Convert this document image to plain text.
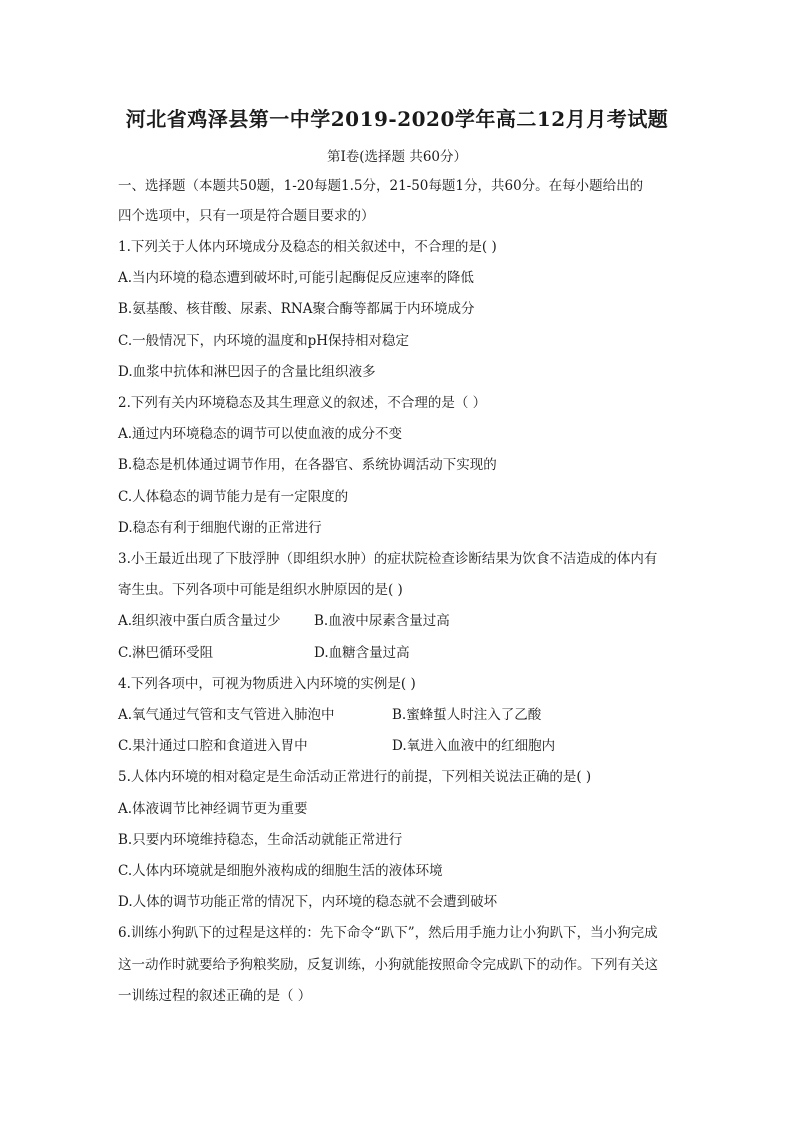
河北省鸡泽县第一中学2019-2020学年高二12月月考试题
第Ⅰ卷(选择题 共60分）
一、选择题（本题共50题，1-20每题1.5分，21-50每题1分，共60分。在每小题给出的
四个选项中，只有一项是符合题目要求的）
1.下列关于人体内环境成分及稳态的相关叙述中，不合理的是( )
A.当内环境的稳态遭到破坏时,可能引起酶促反应速率的降低
B.氨基酸、核苷酸、尿素、RNA聚合酶等都属于内环境成分
C.一般情况下，内环境的温度和pH保持相对稳定
D.血浆中抗体和淋巴因子的含量比组织液多
2.下列有关内环境稳态及其生理意义的叙述，不合理的是（ ）
A.通过内环境稳态的调节可以使血液的成分不变
B.稳态是机体通过调节作用，在各器官、系统协调活动下实现的
C.人体稳态的调节能力是有一定限度的
D.稳态有利于细胞代谢的正常进行
3.小王最近出现了下肢浮肿（即组织水肿）的症状院检查诊断结果为饮食不洁造成的体内有
寄生虫。下列各项中可能是组织水肿原因的是( )
A.组织液中蛋白质含量过少 B.血液中尿素含量过高
C.淋巴循环受阻	D.血糖含量过高
4.下列各项中，可视为物质进入内环境的实例是( )
A.氧气通过气管和支气管进入肺泡中	B.蜜蜂蜇人时注入了乙酸
C.果汁通过口腔和食道进入胃中	D.氧进入血液中的红细胞内
5.人体内环境的相对稳定是生命活动正常进行的前提，下列相关说法正确的是( )
A.体液调节比神经调节更为重要
B.只要内环境维持稳态，生命活动就能正常进行
C.人体内环境就是细胞外液构成的细胞生活的液体环境
D.人体的调节功能正常的情况下，内环境的稳态就不会遭到破坏
6.训练小狗趴下的过程是这样的：先下命令“趴下”，然后用手施力让小狗趴下，当小狗完成
这一动作时就要给予狗粮奖励，反复训练，小狗就能按照命令完成趴下的动作。下列有关这
一训练过程的叙述正确的是（ ）
